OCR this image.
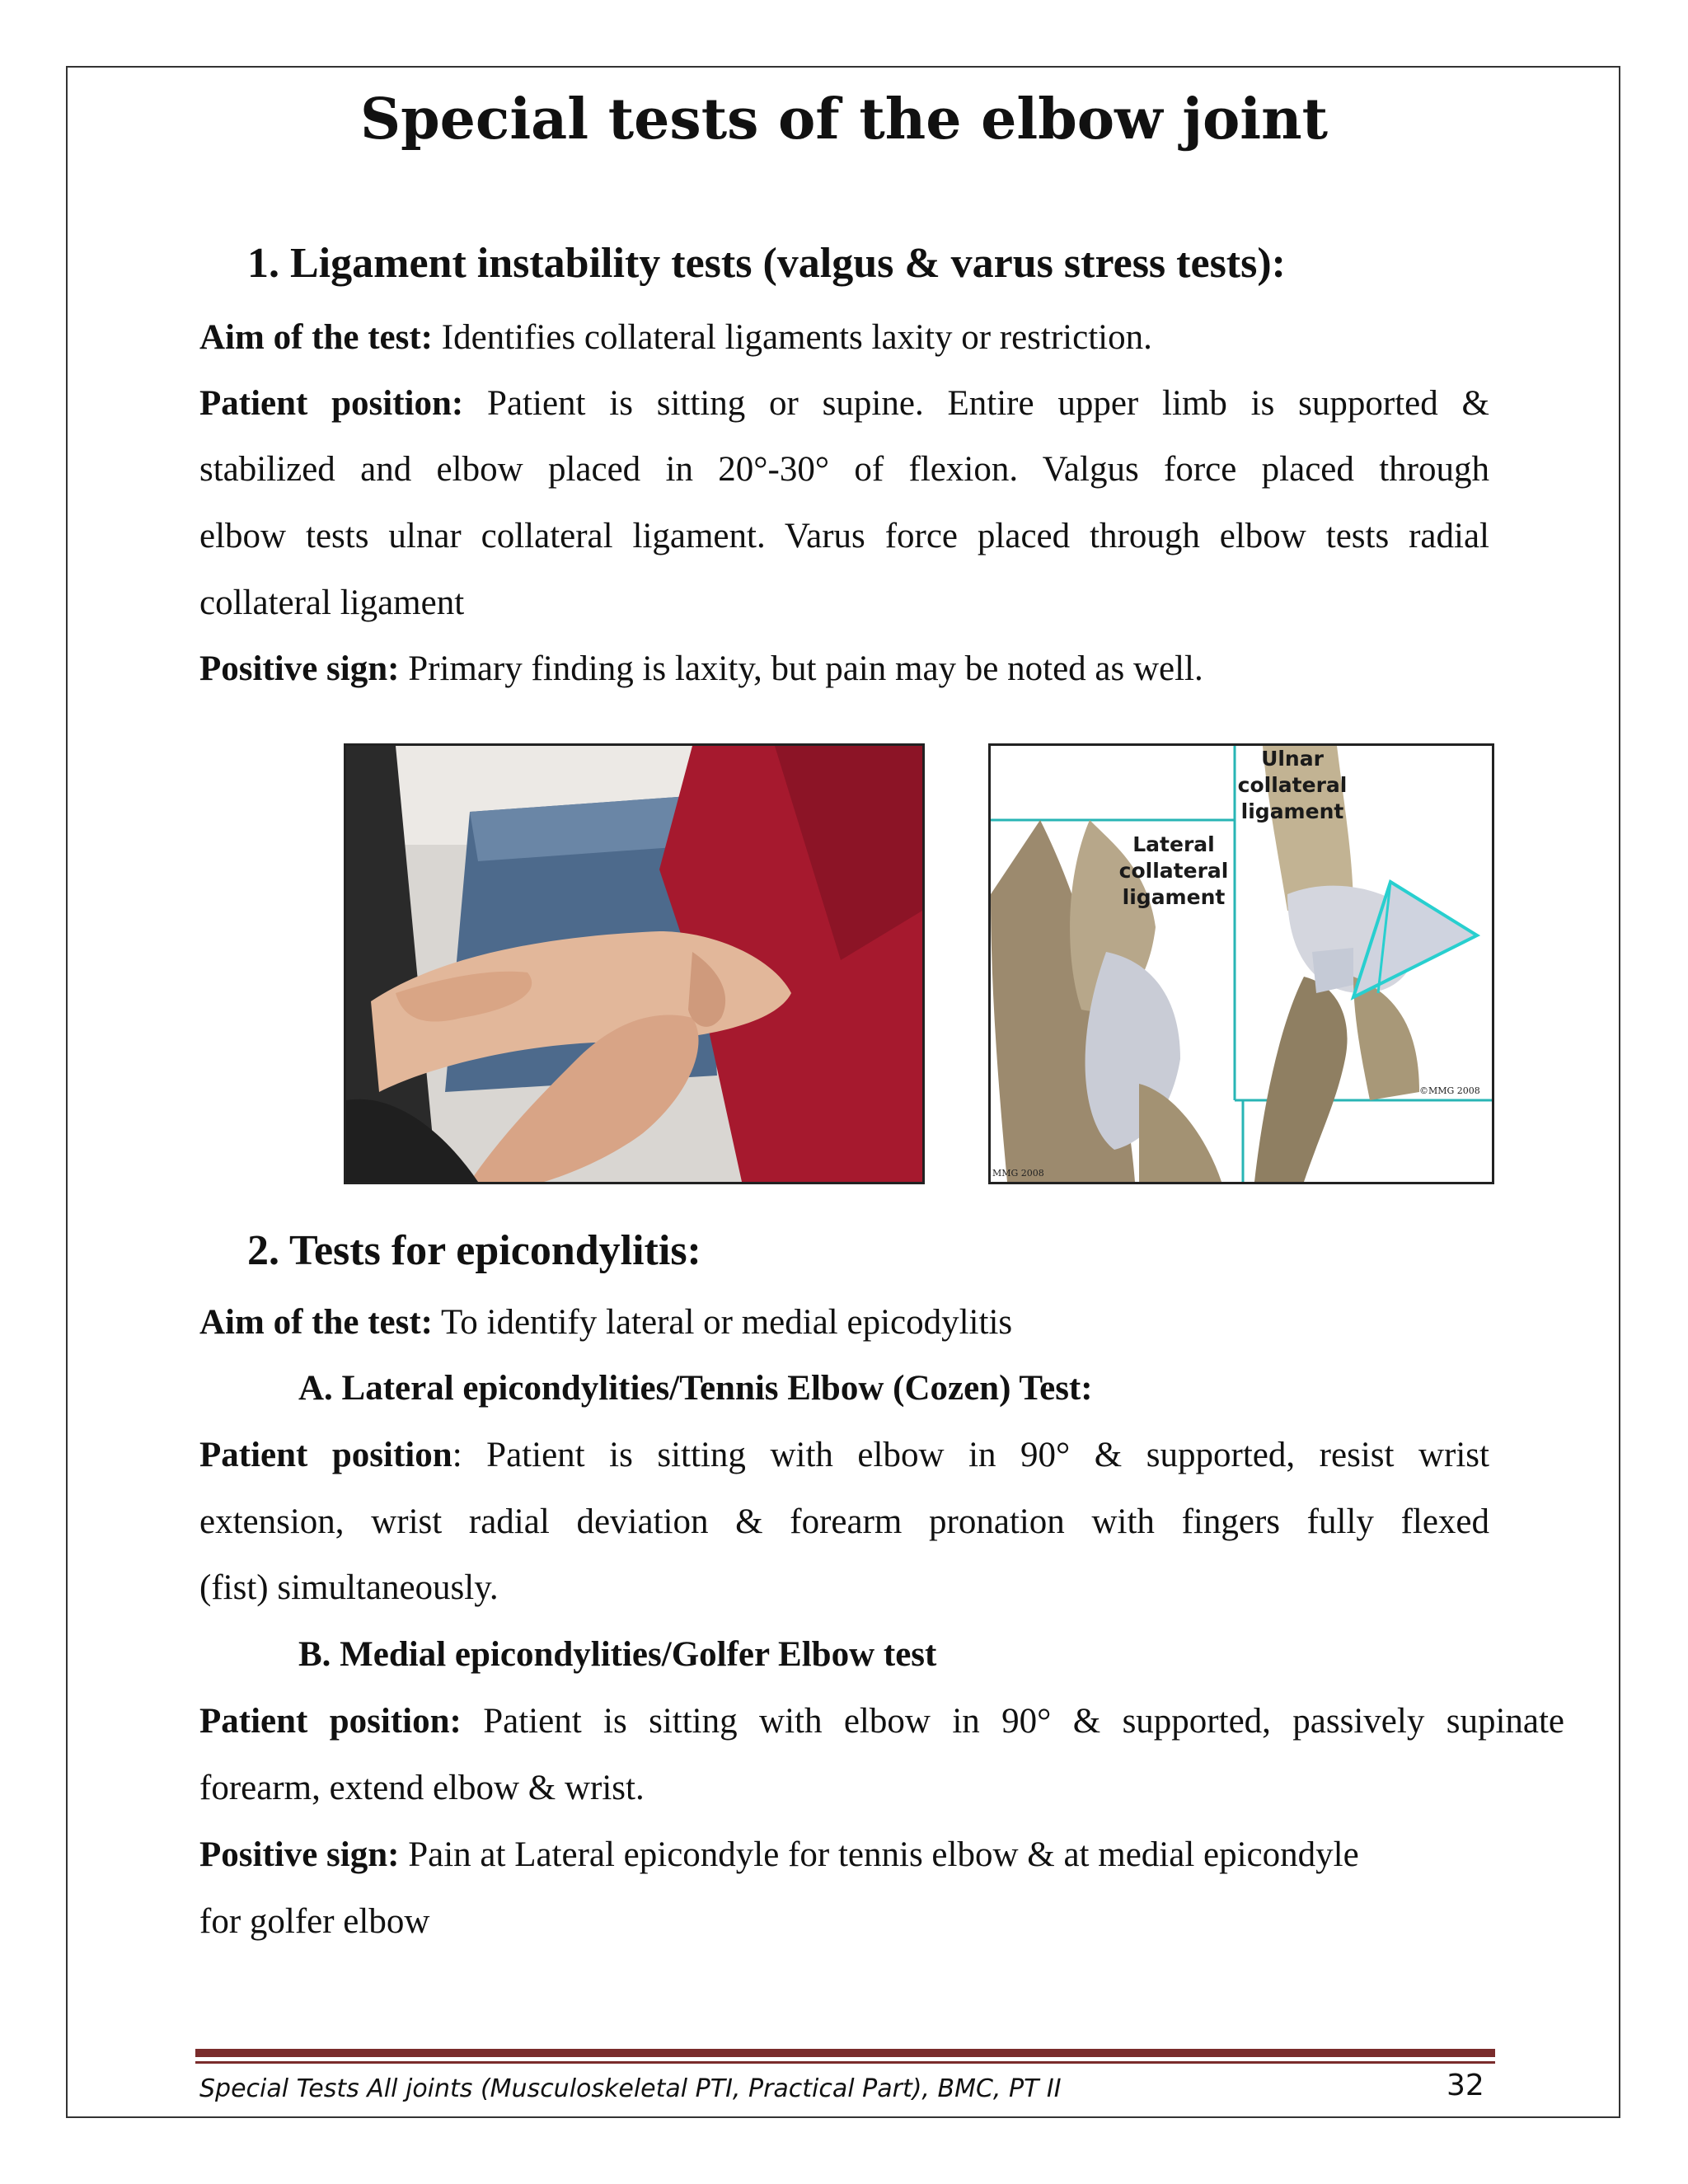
Special tests of the elbow joint
1. Ligament instability tests (valgus & varus stress tests):
Aim of the test: Identifies collateral ligaments laxity or restriction.
Patient position: Patient is sitting or supine. Entire upper limb is supported &
stabilized and elbow placed in 20°-30° of flexion. Valgus force placed through
elbow tests ulnar collateral ligament. Varus force placed through elbow tests radial
collateral ligament
Positive sign: Primary finding is laxity, but pain may be noted as well.
Ulnar
collateral
ligament
Lateral
collateral
ligament
©MMG 2008
MMG 2008
2. Tests for epicondylitis:
Aim of the test: To identify lateral or medial epicodylitis
A. Lateral epicondylities/Tennis Elbow (Cozen) Test:
Patient position: Patient is sitting with elbow in 90° & supported, resist wrist
extension, wrist radial deviation & forearm pronation with fingers fully flexed
(fist) simultaneously.
B. Medial epicondylities/Golfer Elbow test
Patient position: Patient is sitting with elbow in 90° & supported, passively supinate
forearm, extend elbow & wrist.
Positive sign: Pain at Lateral epicondyle for tennis elbow & at medial epicondyle
for golfer elbow
Special Tests All joints (Musculoskeletal PTI, Practical Part), BMC, PT II	32
